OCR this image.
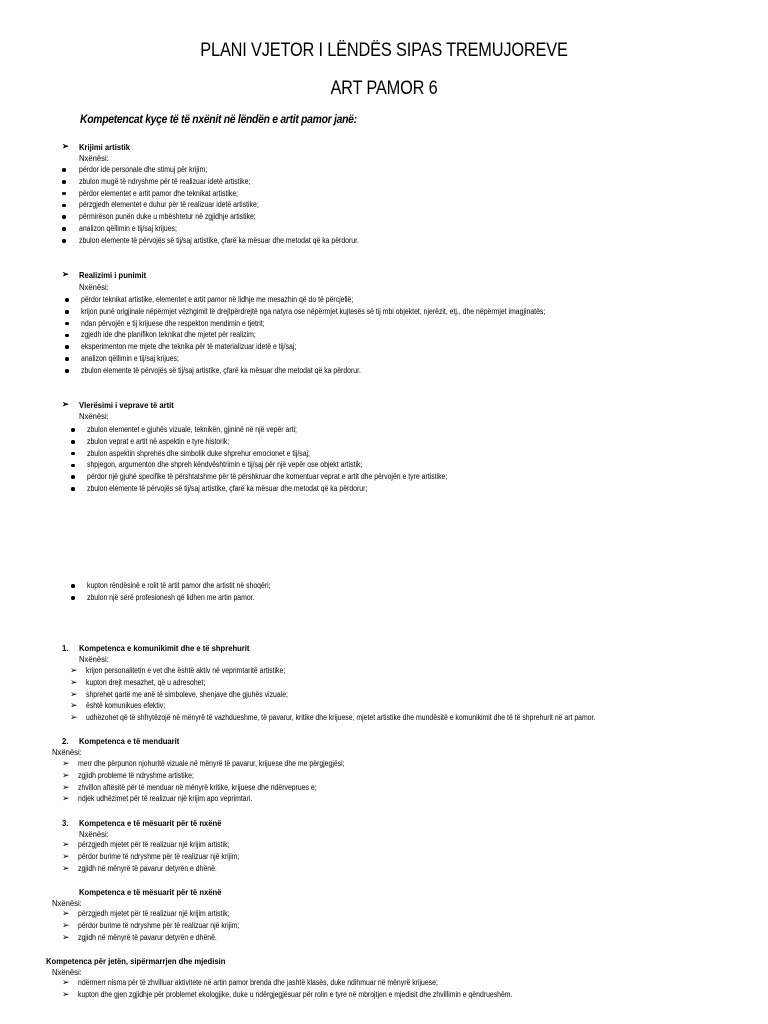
PLANI VJETOR I LËNDËS SIPAS TREMUJOREVE
ART PAMOR 6
Kompetencat kyçe të të nxënit në lëndën e artit pamor janë:
➢ Krijimi artistik
Nxënësi:
përdor ide personale dhe stimuj për krijim;
zbulon mugë të ndryshme për të realizuar idetë artistike;
përdor elementet e artit pamor dhe teknikat artistike;
përzgjedh elementet e duhur për të realizuar idetë artistike;
përmirëson punën duke u mbështetur në zgjidhje artistike;
analizon qëllimin e tij/saj krijues;
zbulon elemente të përvojës së tij/saj artistike, çfarë ka mësuar dhe metodat që ka përdorur.
➢ Realizimi i punimit
Nxënësi:
përdor teknikat artistike, elementet e artit pamor në lidhje me mesazhin që do të përcjellë;
krijon punë origjinale nëpërmjet vëzhgimit të drejtpërdrejtë nga natyra ose nëpërmjet kujtesës së tij mbi objektet, njerëzit, etj., dhe nëpërmjet imagjinatës;
ndan përvojën e tij krijuese dhe respekton mendimin e tjetrit;
zgjedh ide dhe planifikon teknikat dhe mjetet për realizim;
eksperimenton me mjete dhe teknika për të materializuar idetë e tij/saj;
analizon qëllimin e tij/saj krijues;
zbulon elemente të përvojës së tij/saj artistike, çfarë ka mësuar dhe metodat që ka përdorur.
➢ Vlerësimi i veprave të artit
Nxënësi:
zbulon elementet e gjuhës vizuale, teknikën, gjininë në një vepër arti;
zbulon veprat e artit në aspektin e tyre historik;
zbulon aspektin shprehës dhe simbolik duke shprehur emocionet e tij/saj;
shpjegon, argumenton dhe shpreh këndvështrimin e tij/saj për një vepër ose objekt artistik;
përdor një gjuhë specifike të përshtatshme për të përshkruar dhe komentuar veprat e artit dhe përvojën e tyre artistike;
zbulon elemente të përvojës së tij/saj artistike, çfarë ka mësuar dhe metodat që ka përdorur;
kupton rëndësinë e rolit të artit pamor dhe artistit në shoqëri;
zbulon një sërë profesionesh që lidhen me artin pamor.
1. Kompetenca e komunikimit dhe e të shprehurit
Nxënësi:
➢ krijon personalitetin e vet dhe është aktiv në veprimtaritë artistike;
➢ kupton drejt mesazhet, që u adresohet;
➢ shprehet qartë me anë të simboleve, shenjave dhe gjuhës vizuale;
➢ është komunikues efektiv;
➢ udhëzohet që të shfrytëzojë në mënyrë të vazhdueshme, të pavarur, kritike dhe krijuese, mjetet artistike dhe mundësitë e komunikimit dhe të të shprehurit në art pamor.
2. Kompetenca e të menduarit
Nxënësi:
➢ merr dhe përpunon njohuritë vizuale në mënyrë të pavarur, krijuese dhe me përgjegjësi;
➢ zgjidh probleme të ndryshme artistike;
➢ zhvillon aftësitë për të menduar në mënyrë kritike, krijuese dhe ndërveprues e;
➢ ndjek udhëzimet për të realizuar një krijim apo veprimtari.
3. Kompetenca e të mësuarit për të nxënë
Nxënësi:
➢ përzgjedh mjetet për të realizuar një krijim artistik;
➢ përdor burime të ndryshme për të realizuar një krijim;
➢ zgjidh në mënyrë të pavarur detyrën e dhënë.
Kompetenca e të mësuarit për të nxënë
Nxënësi:
➢ përzgjedh mjetet për të realizuar një krijim artistik;
➢ përdor burime të ndryshme për të realizuar një krijim;
➢ zgjidh në mënyrë të pavarur detyrën e dhënë.
Kompetenca për jetën, sipërmarrjen dhe mjedisin
Nxënësi:
➢ ndërmerr nisma për të zhvilluar aktivitete në artin pamor brenda dhe jashtë klasës, duke ndihmuar në mënyrë krijuese;
➢ kupton dhe gjen zgjidhje për problemet ekologjike, duke u ndërgjegjësuar për rolin e tyre në mbrojtjen e mjedisit dhe zhvillimin e qëndrueshëm.
